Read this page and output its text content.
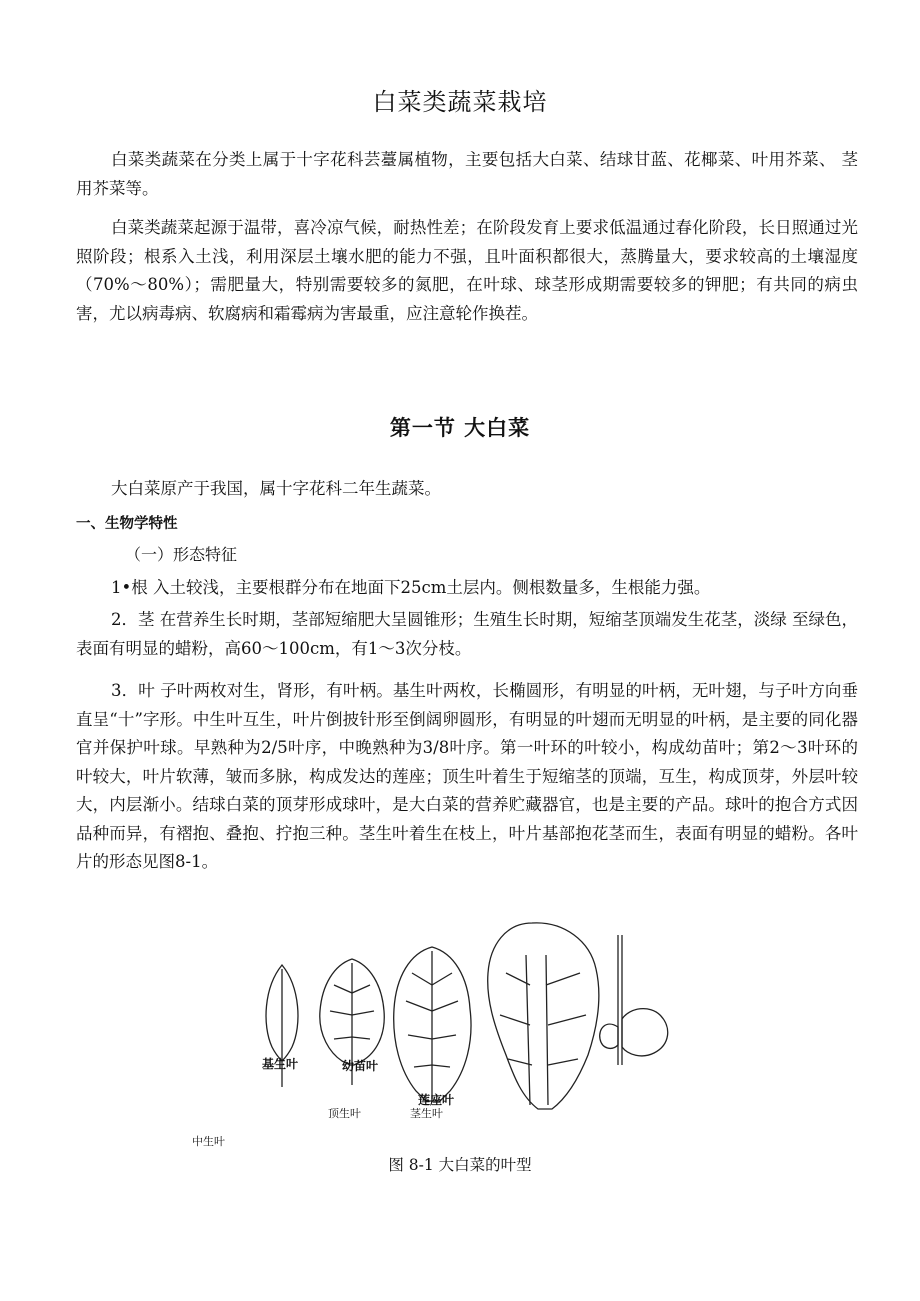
白菜类蔬菜栽培

白菜类蔬菜在分类上属于十字花科芸薹属植物，主要包括大白菜、结球甘蓝、花椰菜、叶用芥菜、 茎用芥菜等。

白菜类蔬菜起源于温带，喜冷凉气候，耐热性差；在阶段发育上要求低温通过春化阶段，长日照通过光照阶段；根系入土浅，利用深层土壤水肥的能力不强，且叶面积都很大，蒸腾量大，要求较高的土壤湿度（70%〜80%）；需肥量大，特别需要较多的氮肥，在叶球、球茎形成期需要较多的钾肥；有共同的病虫害，尤以病毒病、软腐病和霜霉病为害最重，应注意轮作换茬。

第一节 大白菜

大白菜原产于我国，属十字花科二年生蔬菜。

一、生物学特性
（一）形态特征

1•根 入土较浅，主要根群分布在地面下25cm土层内。侧根数量多，生根能力强。

2．茎 在营养生长时期，茎部短缩肥大呈圆锥形；生殖生长时期，短缩茎顶端发生花茎，淡绿 至绿色，表面有明显的蜡粉，高60〜100cm，有1〜3次分枝。

3．叶 子叶两枚对生，肾形，有叶柄。基生叶两枚，长椭圆形，有明显的叶柄，无叶翅，与子叶方向垂直呈“十”字形。中生叶互生，叶片倒披针形至倒阔卵圆形，有明显的叶翅而无明显的叶柄，是主要的同化器官并保护叶球。早熟种为2/5叶序，中晚熟种为3/8叶序。第一叶环的叶较小，构成幼苗叶；第2〜3叶环的叶较大，叶片软薄，皱而多脉，构成发达的莲座；顶生叶着生于短缩茎的顶端，互生，构成顶芽，外层叶较大，内层渐小。结球白菜的顶芽形成球叶，是大白菜的营养贮藏器官，也是主要的产品。球叶的抱合方式因品种而异，有褶抱、叠抱、拧抱三种。茎生叶着生在枝上，叶片基部抱花茎而生，表面有明显的蜡粉。各叶片的形态见图8-1。

基生叶	幼苗叶
莲座叶
顶生叶	茎生叶
中生叶
图 8-1 大白菜的叶型
